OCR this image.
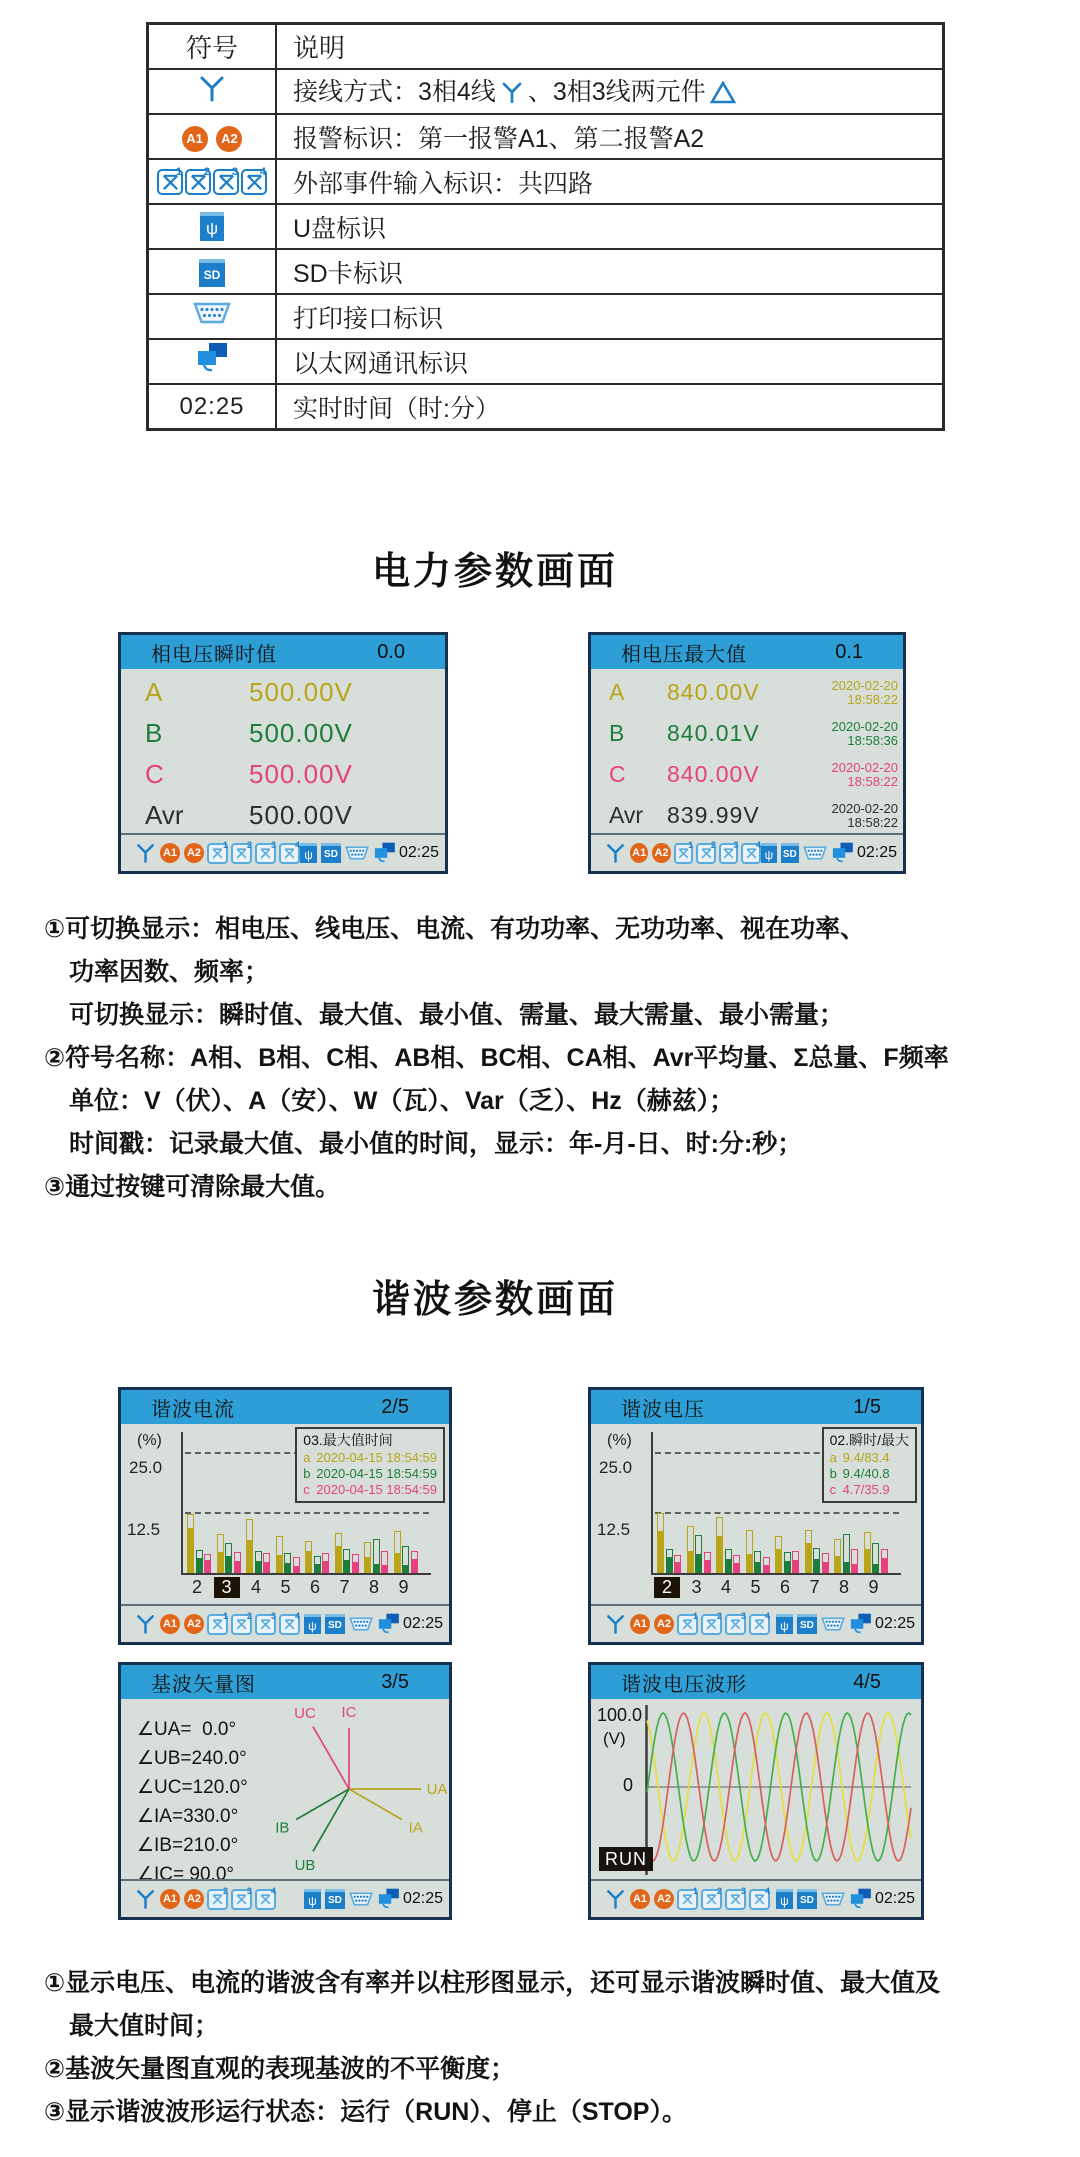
符号	说明
	接线方式：3相4线 、3相3线两元件
A1 A2	报警标识：第一报警A1、第二报警A2

1 2 3 4	外部事件输入标识：共四路
ψ	U盘标识
SD	SD卡标识
	打印接口标识
	以太网通讯标识
02:25	实时时间（时:分）
电力参数画面
相电压瞬时值	0.0
A	500.00V
B	500.00V
C	500.00V
Avr	500.00V
A1 A2
1 2 3 4
ψ	SD	02:25
相电压最大值	0.1
A	840.00V	2020-02-20
18:58:22
B	840.01V	2020-02-20
18:58:36
C	840.00V	2020-02-20
18:58:22
Avr	839.99V	2020-02-20
18:58:22
A1 A2
1 2 3 4
ψ SD	02:25
①可切换显示：相电压、线电压、电流、有功功率、无功功率、视在功率、
　功率因数、频率；
　可切换显示：瞬时值、最大值、最小值、需量、最大需量、最小需量；
②符号名称：A相、B相、C相、AB相、BC相、CA相、Avr平均量、Σ总量、F频率
　单位：V（伏）、A（安）、W（瓦）、Var（乏）、Hz（赫兹）；
　时间戳：记录最大值、最小值的时间，显示：年-月-日、时:分:秒；
③通过按键可清除最大值。
谐波参数画面
谐波电流	2/5
(%)
25.0
12.5
2	3	4	5	6	7	8	9
03.最大值时间
a 2020-04-15 18:54:59
b 2020-04-15 18:54:59
c 2020-04-15 18:54:59
A1 A2
1 2 3 4
ψ	SD	02:25
谐波电压	1/5
(%)
25.0
12.5
2	3	4	5	6	7	8	9
02.瞬时/最大
a 9.4/83.4
b 9.4/40.8
c 4.7/35.9
A1 A2
1 2 3 4
ψ	SD	02:25
基波矢量图	3/5
∠UA=  0.0°
∠UB=240.0°
∠UC=120.0°
∠IA=330.0°
∠IB=210.0°
∠IC= 90.0°
UA
UB
UC
IA
IB
IC
A1 A2
2 3 4
ψ	SD	02:25
谐波电压波形	4/5
100.0
(V)
0
RUN
A1 A2
1 2 3 4
ψ	SD	02:25
①显示电压、电流的谐波含有率并以柱形图显示，还可显示谐波瞬时值、最大值及
　最大值时间；
②基波矢量图直观的表现基波的不平衡度；
③显示谐波波形运行状态：运行（RUN）、停止（STOP）。
